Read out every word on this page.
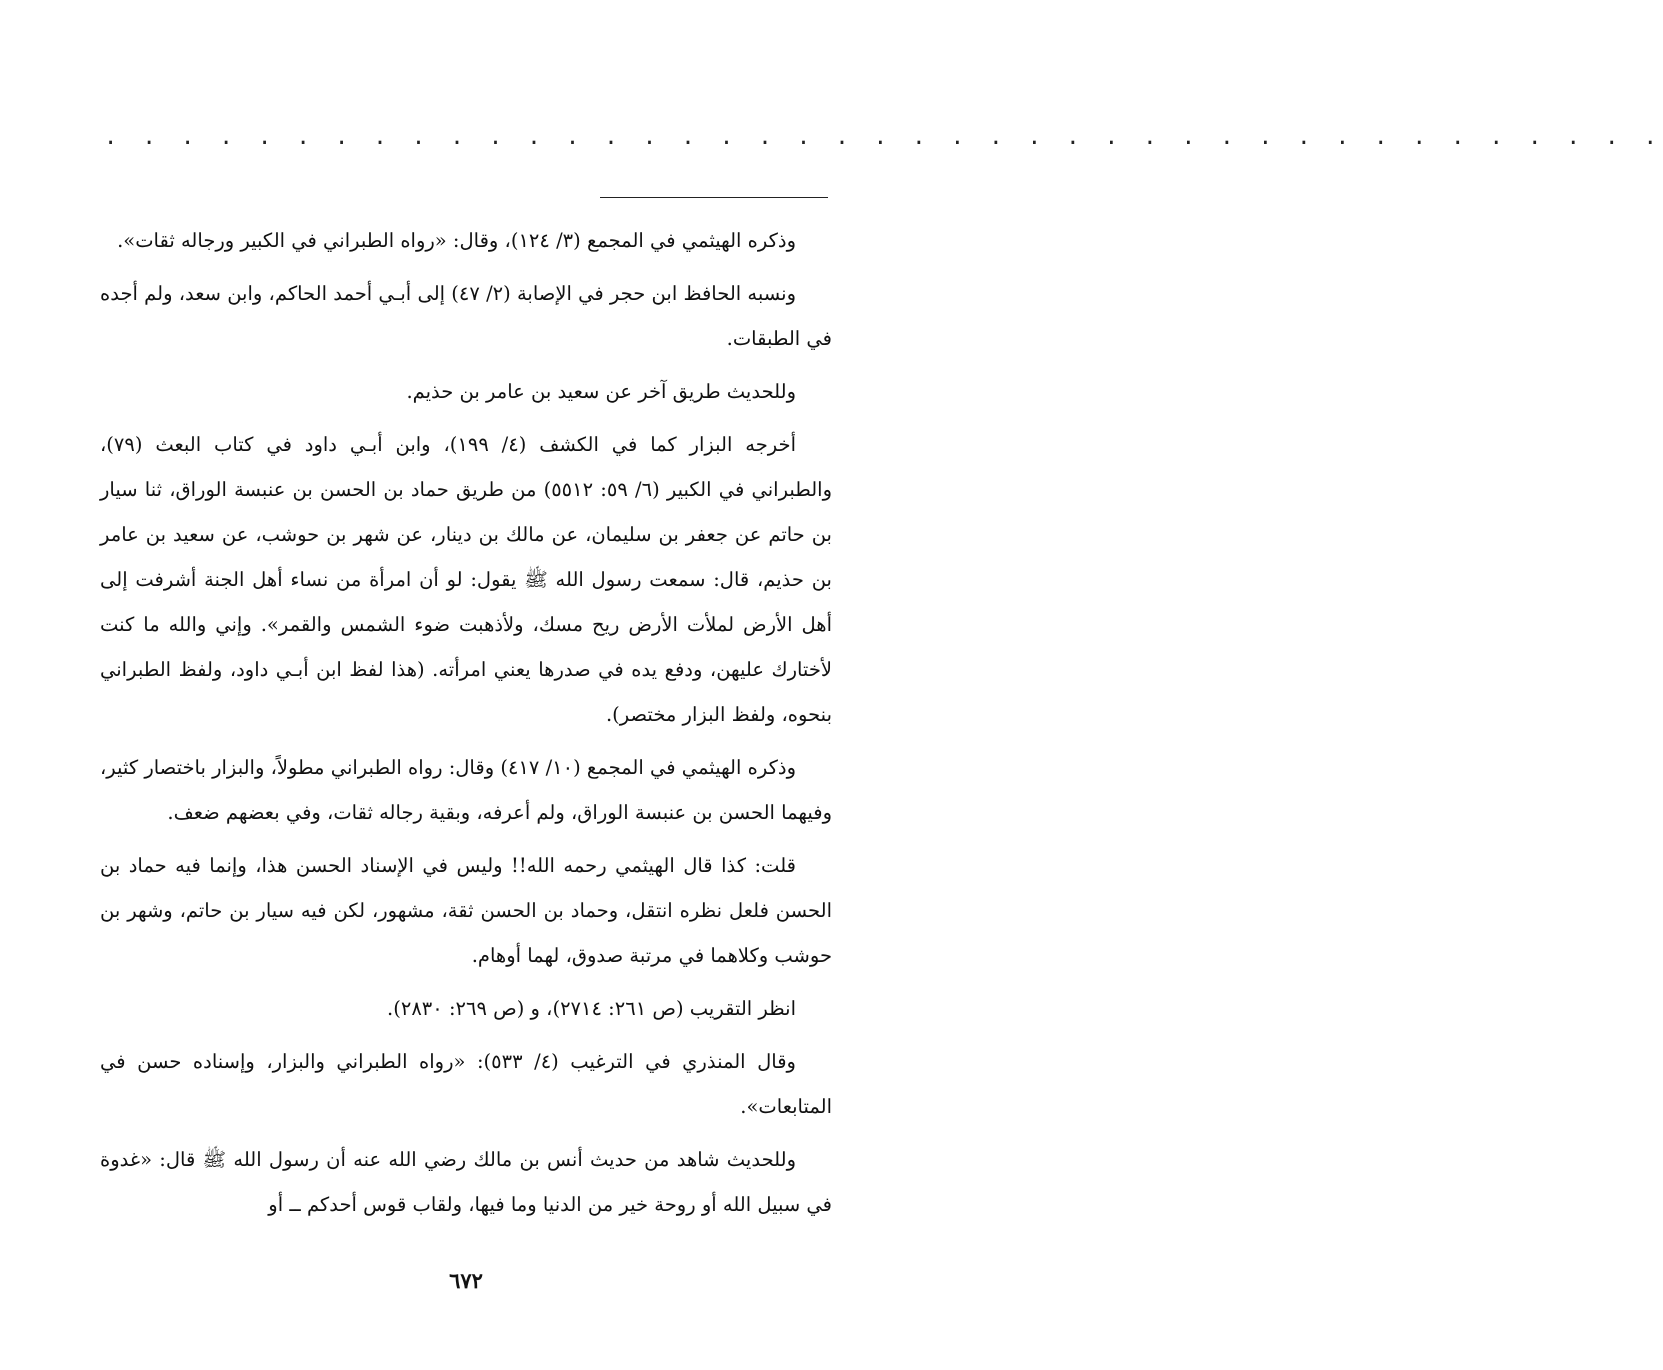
. . . . . . . . . . . . . . . . . . . . . . . . . . . . . . . . . . . . . . . . .

وذكره الهيثمي في المجمع (٣/ ١٢٤)، وقال: «رواه الطبراني في الكبير ورجاله ثقات».

ونسبه الحافظ ابن حجر في الإصابة (٢/ ٤٧) إلى أبـي أحمد الحاكم، وابن سعد، ولم أجده في الطبقات.

وللحديث طريق آخر عن سعيد بن عامر بن حذيم.

أخرجه البزار كما في الكشف (٤/ ١٩٩)، وابن أبـي داود في كتاب البعث (٧٩)، والطبراني في الكبير (٦/ ٥٩: ٥٥١٢) من طريق حماد بن الحسن بن عنبسة الوراق، ثنا سيار بن حاتم عن جعفر بن سليمان، عن مالك بن دينار، عن شهر بن حوشب، عن سعيد بن عامر بن حذيم، قال: سمعت رسول الله ﷺ يقول: لو أن امرأة من نساء أهل الجنة أشرفت إلى أهل الأرض لملأت الأرض ريح مسك، ولأذهبت ضوء الشمس والقمر». وإني والله ما كنت لأختارك عليهن، ودفع يده في صدرها يعني امرأته. (هذا لفظ ابن أبـي داود، ولفظ الطبراني بنحوه، ولفظ البزار مختصر).

وذكره الهيثمي في المجمع (١٠/ ٤١٧) وقال: رواه الطبراني مطولاً، والبزار باختصار كثير، وفيهما الحسن بن عنبسة الوراق، ولم أعرفه، وبقية رجاله ثقات، وفي بعضهم ضعف.

قلت: كذا قال الهيثمي رحمه الله!! وليس في الإسناد الحسن هذا، وإنما فيه حماد بن الحسن فلعل نظره انتقل، وحماد بن الحسن ثقة، مشهور، لكن فيه سيار بن حاتم، وشهر بن حوشب وكلاهما في مرتبة صدوق، لهما أوهام.

انظر التقريب (ص ٢٦١: ٢٧١٤)، و (ص ٢٦٩: ٢٨٣٠).

وقال المنذري في الترغيب (٤/ ٥٣٣): «رواه الطبراني والبزار، وإسناده حسن في المتابعات».

وللحديث شاهد من حديث أنس بن مالك رضي الله عنه أن رسول الله ﷺ قال: «غدوة في سبيل الله أو روحة خير من الدنيا وما فيها، ولقاب قوس أحدكم ــ أو

٦٧٢
